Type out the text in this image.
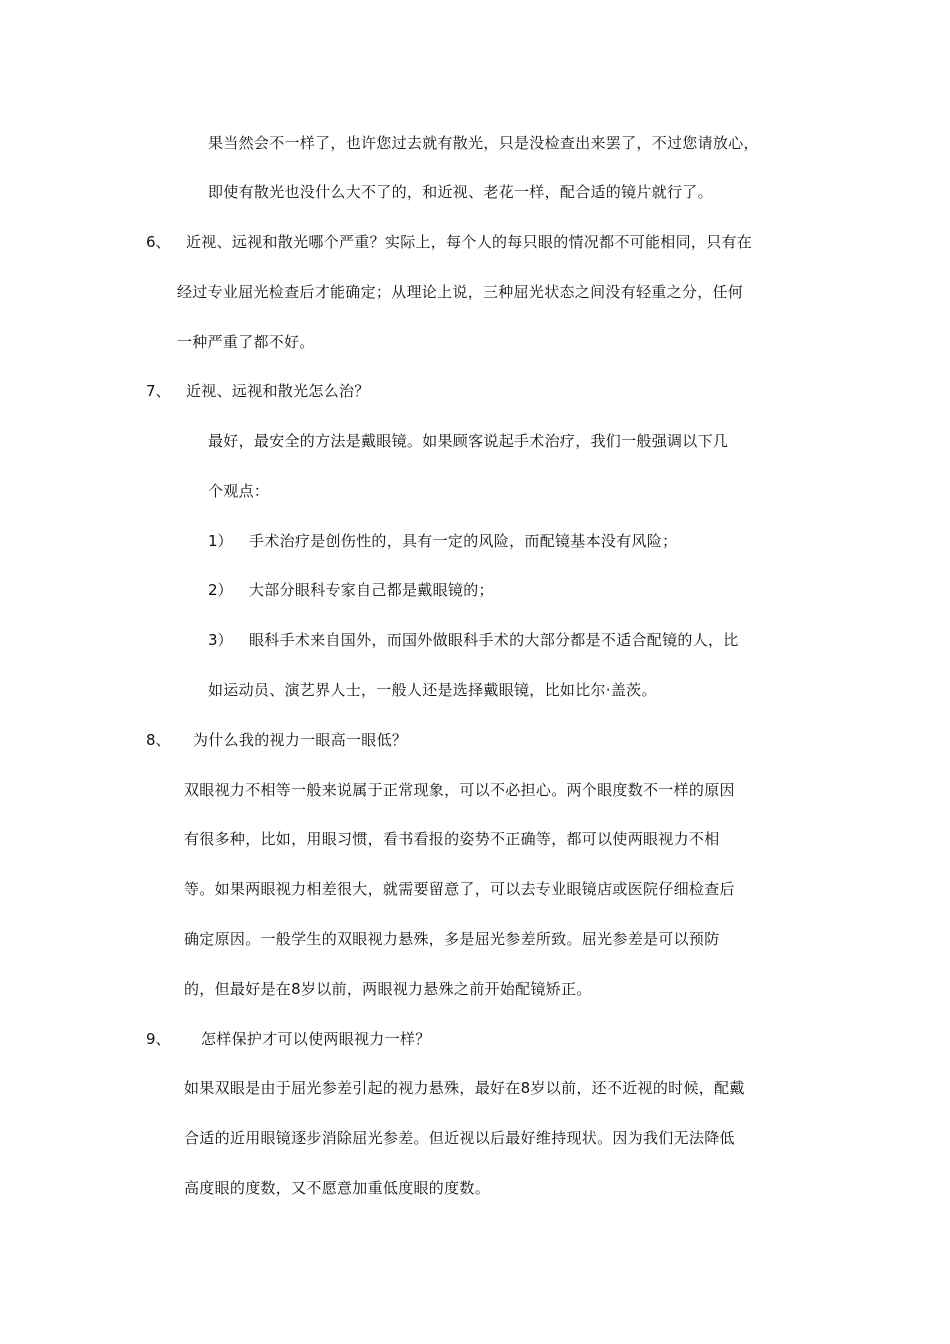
果当然会不一样了，也许您过去就有散光，只是没检查出来罢了，不过您请放心，
即使有散光也没什么大不了的，和近视、老花一样，配合适的镜片就行了。
6、 近视、远视和散光哪个严重？实际上，每个人的每只眼的情况都不可能相同，只有在
经过专业屈光检查后才能确定；从理论上说，三种屈光状态之间没有轻重之分，任何
一种严重了都不好。
7、 近视、远视和散光怎么治？
最好，最安全的方法是戴眼镜。如果顾客说起手术治疗，我们一般强调以下几
个观点：
1） 手术治疗是创伤性的，具有一定的风险，而配镜基本没有风险；
2） 大部分眼科专家自己都是戴眼镜的；
3） 眼科手术来自国外，而国外做眼科手术的大部分都是不适合配镜的人，比
如运动员、演艺界人士，一般人还是选择戴眼镜，比如比尔·盖茨。
8、 为什么我的视力一眼高一眼低？
双眼视力不相等一般来说属于正常现象，可以不必担心。两个眼度数不一样的原因
有很多种，比如，用眼习惯，看书看报的姿势不正确等，都可以使两眼视力不相
等。如果两眼视力相差很大，就需要留意了，可以去专业眼镜店或医院仔细检查后
确定原因。一般学生的双眼视力悬殊，多是屈光参差所致。屈光参差是可以预防
的，但最好是在8岁以前，两眼视力悬殊之前开始配镜矫正。
9、 怎样保护才可以使两眼视力一样？
如果双眼是由于屈光参差引起的视力悬殊，最好在8岁以前，还不近视的时候，配戴
合适的近用眼镜逐步消除屈光参差。但近视以后最好维持现状。因为我们无法降低
高度眼的度数，又不愿意加重低度眼的度数。
